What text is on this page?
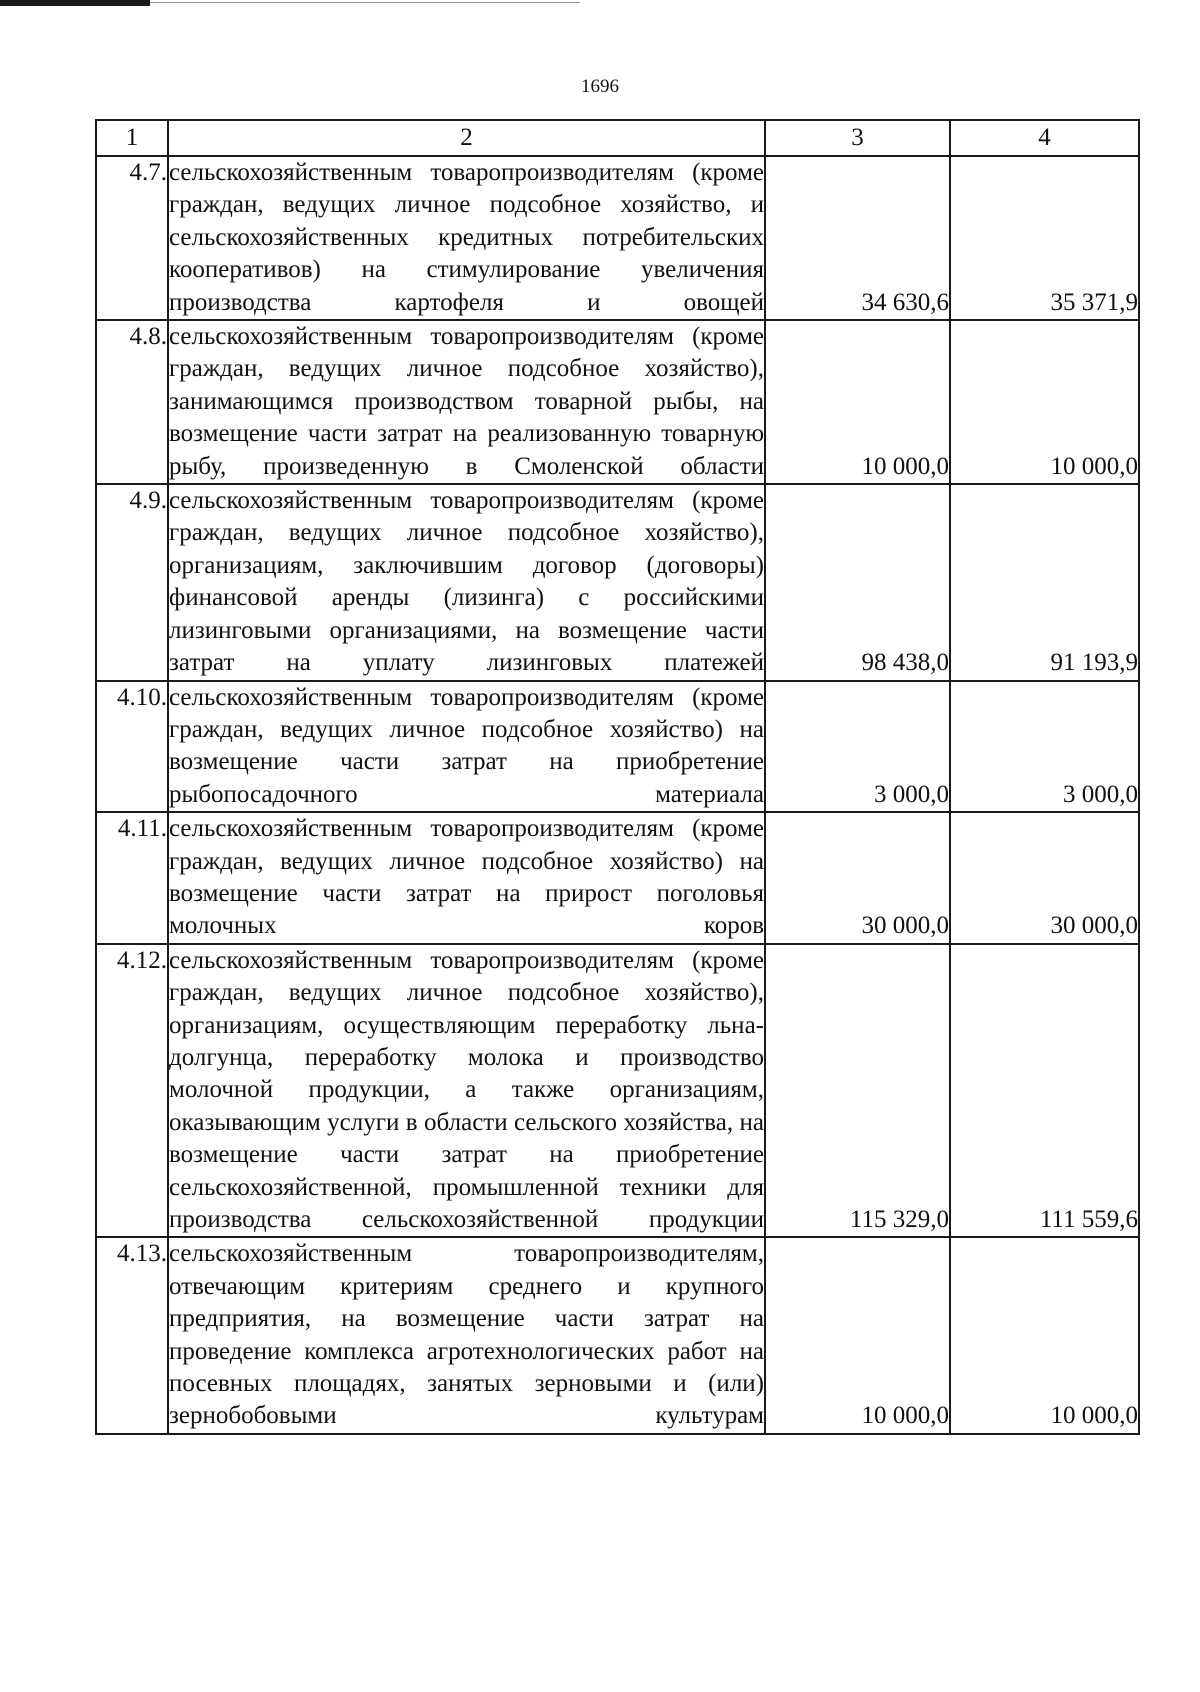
1696
1	2	3	4
4.7.	сельскохозяйственным товаропроизводителям (кроме граждан, ведущих личное подсобное хозяйство, и сельскохозяйственных кредитных потребительских кооперативов) на стимулирование увеличения производства картофеля и овощей	34 630,6	35 371,9
4.8.	сельскохозяйственным товаропроизводителям (кроме граждан, ведущих личное подсобное хозяйство), занимающимся производством товарной рыбы, на возмещение части затрат на реализованную товарную рыбу, произведенную в Смоленской области	10 000,0	10 000,0
4.9.	сельскохозяйственным товаропроизводителям (кроме граждан, ведущих личное подсобное хозяйство), организациям, заключившим договор (договоры) финансовой аренды (лизинга) с российскими лизинговыми организациями, на возмещение части затрат на уплату лизинговых платежей	98 438,0	91 193,9
4.10.	сельскохозяйственным товаропроизводителям (кроме граждан, ведущих личное подсобное хозяйство) на возмещение части затрат на приобретение рыбопосадочного материала	3 000,0	3 000,0
4.11.	сельскохозяйственным товаропроизводителям (кроме граждан, ведущих личное подсобное хозяйство) на возмещение части затрат на прирост поголовья молочных коров	30 000,0	30 000,0
4.12.	сельскохозяйственным товаропроизводителям (кроме граждан, ведущих личное подсобное хозяйство), организациям, осуществляющим переработку льна-долгунца, переработку молока и производство молочной продукции, а также организациям, оказывающим услуги в области сельского хозяйства, на возмещение части затрат на приобретение сельскохозяйственной, промышленной техники для производства сельскохозяйственной продукции	115 329,0	111 559,6
4.13.	сельскохозяйственным товаропроизводителям, отвечающим критериям среднего и крупного предприятия, на возмещение части затрат на проведение комплекса агротехнологических работ на посевных площадях, занятых зерновыми и (или) зернобобовыми культурам	10 000,0	10 000,0
